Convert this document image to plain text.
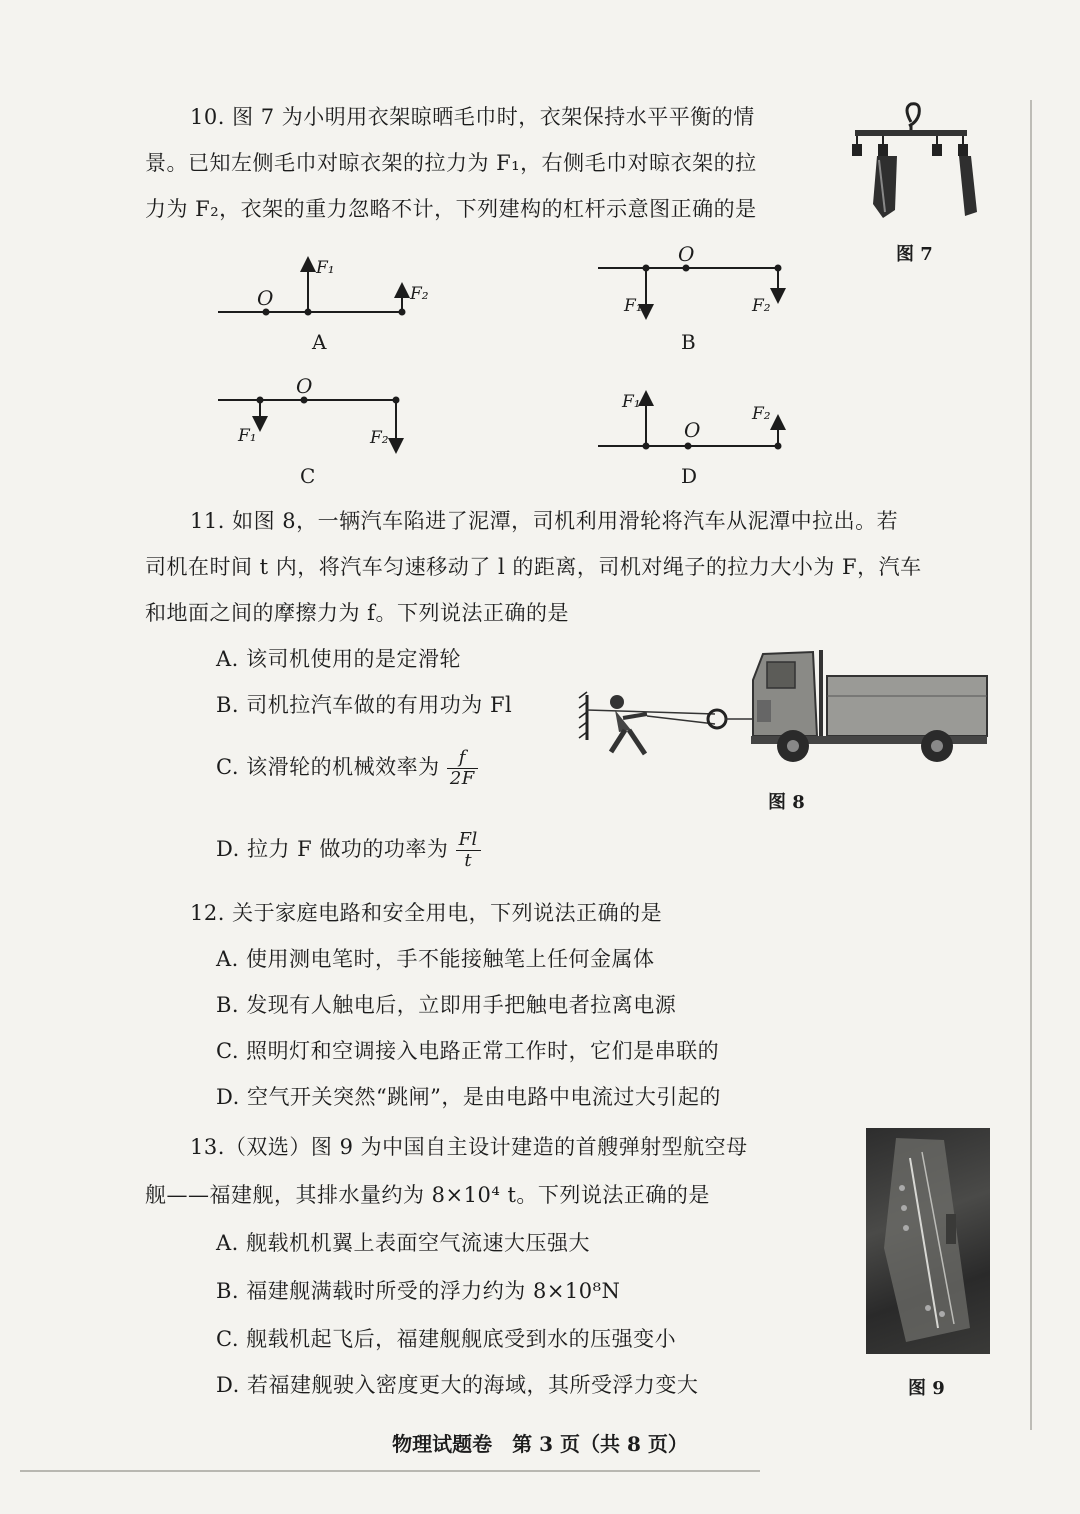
10. 图 7 为小明用衣架晾晒毛巾时，衣架保持水平平衡的情
景。已知左侧毛巾对晾衣架的拉力为 F₁，右侧毛巾对晾衣架的拉
力为 F₂，衣架的重力忽略不计，下列建构的杠杆示意图正确的是
图 7
O
F₁
F₂
A
O
F₁	F₂
B
O
F₁	F₂
C
F₁
O
F₂
D
11. 如图 8，一辆汽车陷进了泥潭，司机利用滑轮将汽车从泥潭中拉出。若
司机在时间 t 内，将汽车匀速移动了 l 的距离，司机对绳子的拉力大小为 F，汽车
和地面之间的摩擦力为 f。下列说法正确的是
A. 该司机使用的是定滑轮
B. 司机拉汽车做的有用功为 Fl
C. 该滑轮的机械效率为 $\frac{f}{2F}$
D. 拉力 F 做功的功率为 $\frac{Fl}{t}$
图 8
12. 关于家庭电路和安全用电，下列说法正确的是
A. 使用测电笔时，手不能接触笔上任何金属体
B. 发现有人触电后，立即用手把触电者拉离电源
C. 照明灯和空调接入电路正常工作时，它们是串联的
D. 空气开关突然“跳闸”，是由电路中电流过大引起的
13.（双选）图 9 为中国自主设计建造的首艘弹射型航空母
舰——福建舰，其排水量约为 8×10⁴ t。下列说法正确的是
A. 舰载机机翼上表面空气流速大压强大
B. 福建舰满载时所受的浮力约为 8×10⁸N
C. 舰载机起飞后，福建舰舰底受到水的压强变小
D. 若福建舰驶入密度更大的海域，其所受浮力变大	图 9
物理试题卷　第 3 页（共 8 页）
